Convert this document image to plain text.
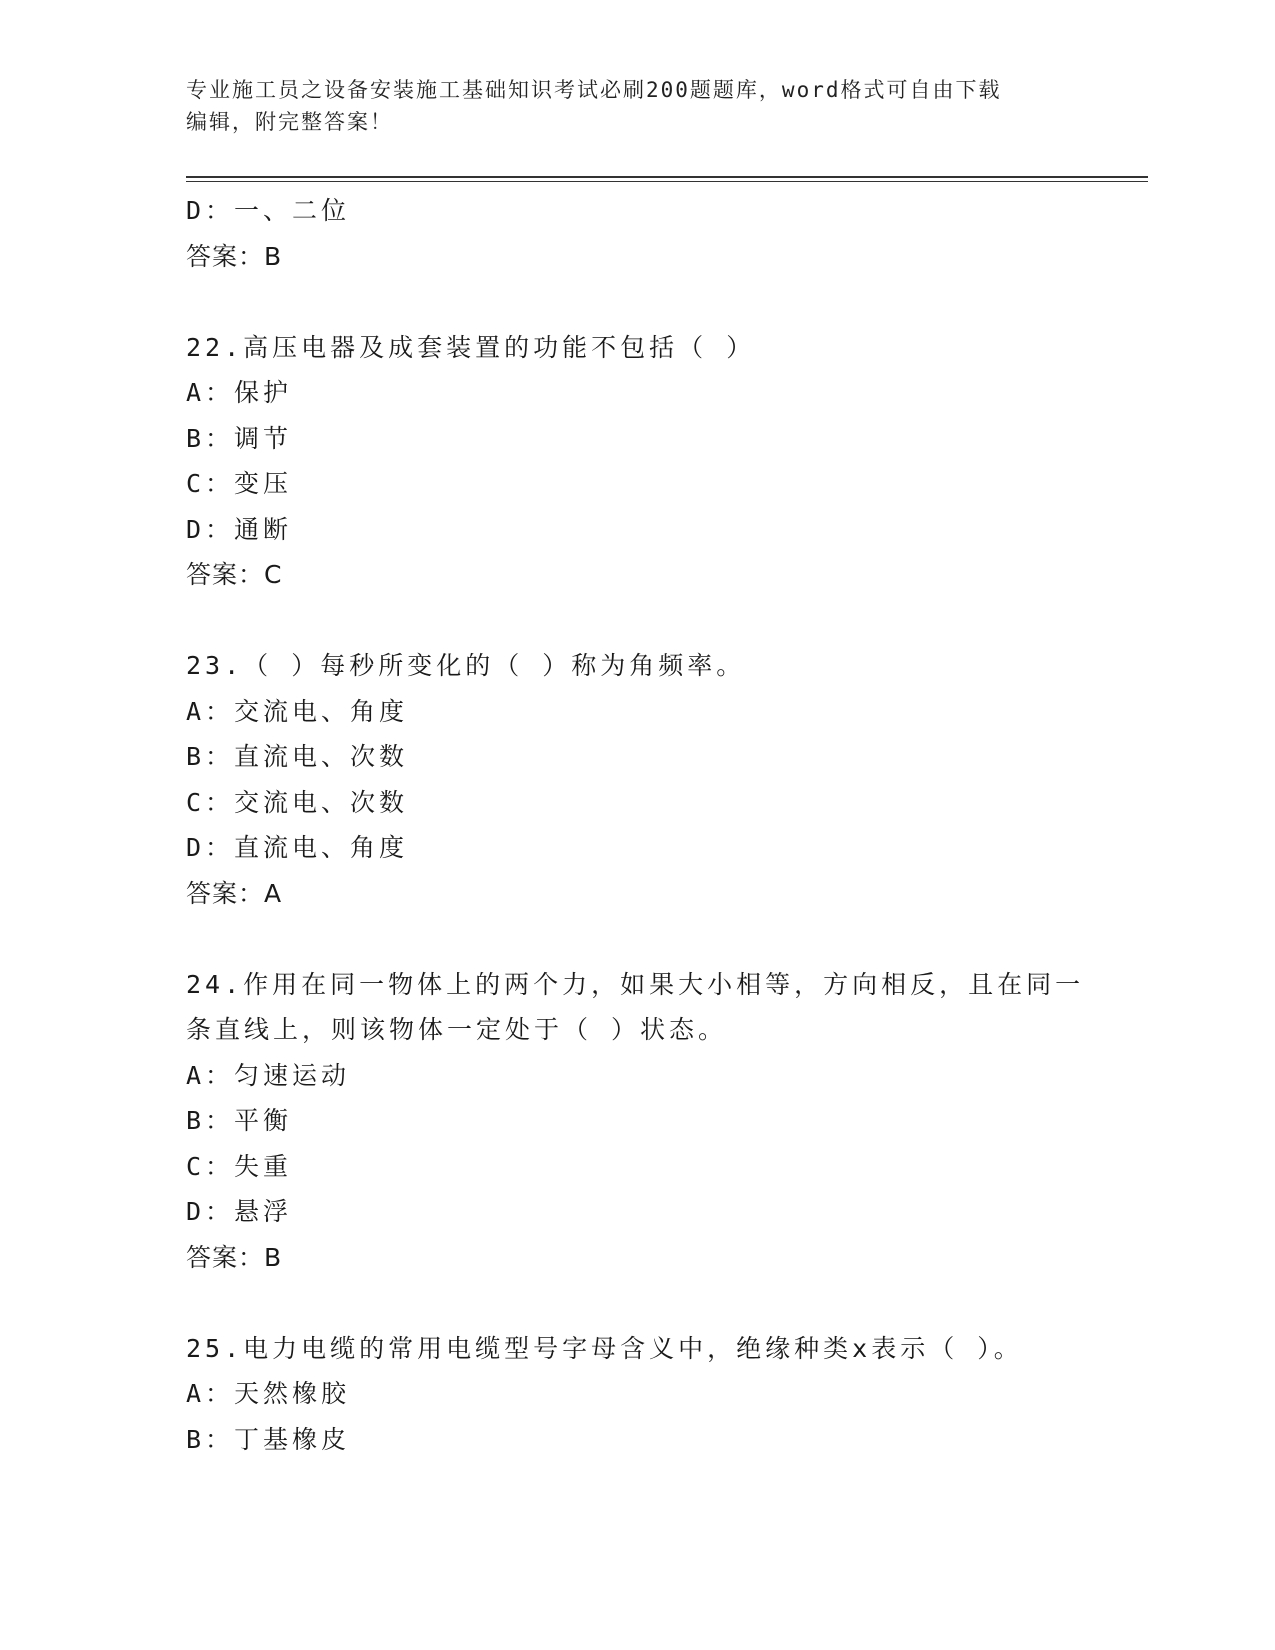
专业施工员之设备安装施工基础知识考试必刷200题题库，word格式可自由下载
编辑，附完整答案！
D：一、二位
答案：B
22.高压电器及成套装置的功能不包括（ ）
A：保护
B：调节
C：变压
D：通断
答案：C
23.（ ）每秒所变化的（ ）称为角频率。
A：交流电、角度
B：直流电、次数
C：交流电、次数
D：直流电、角度
答案：A
24.作用在同一物体上的两个力，如果大小相等，方向相反，且在同一
条直线上，则该物体一定处于（ ）状态。
A：匀速运动
B：平衡
C：失重
D：悬浮
答案：B
25.电力电缆的常用电缆型号字母含义中，绝缘种类x表示（ ）。
A：天然橡胶
B：丁基橡皮
